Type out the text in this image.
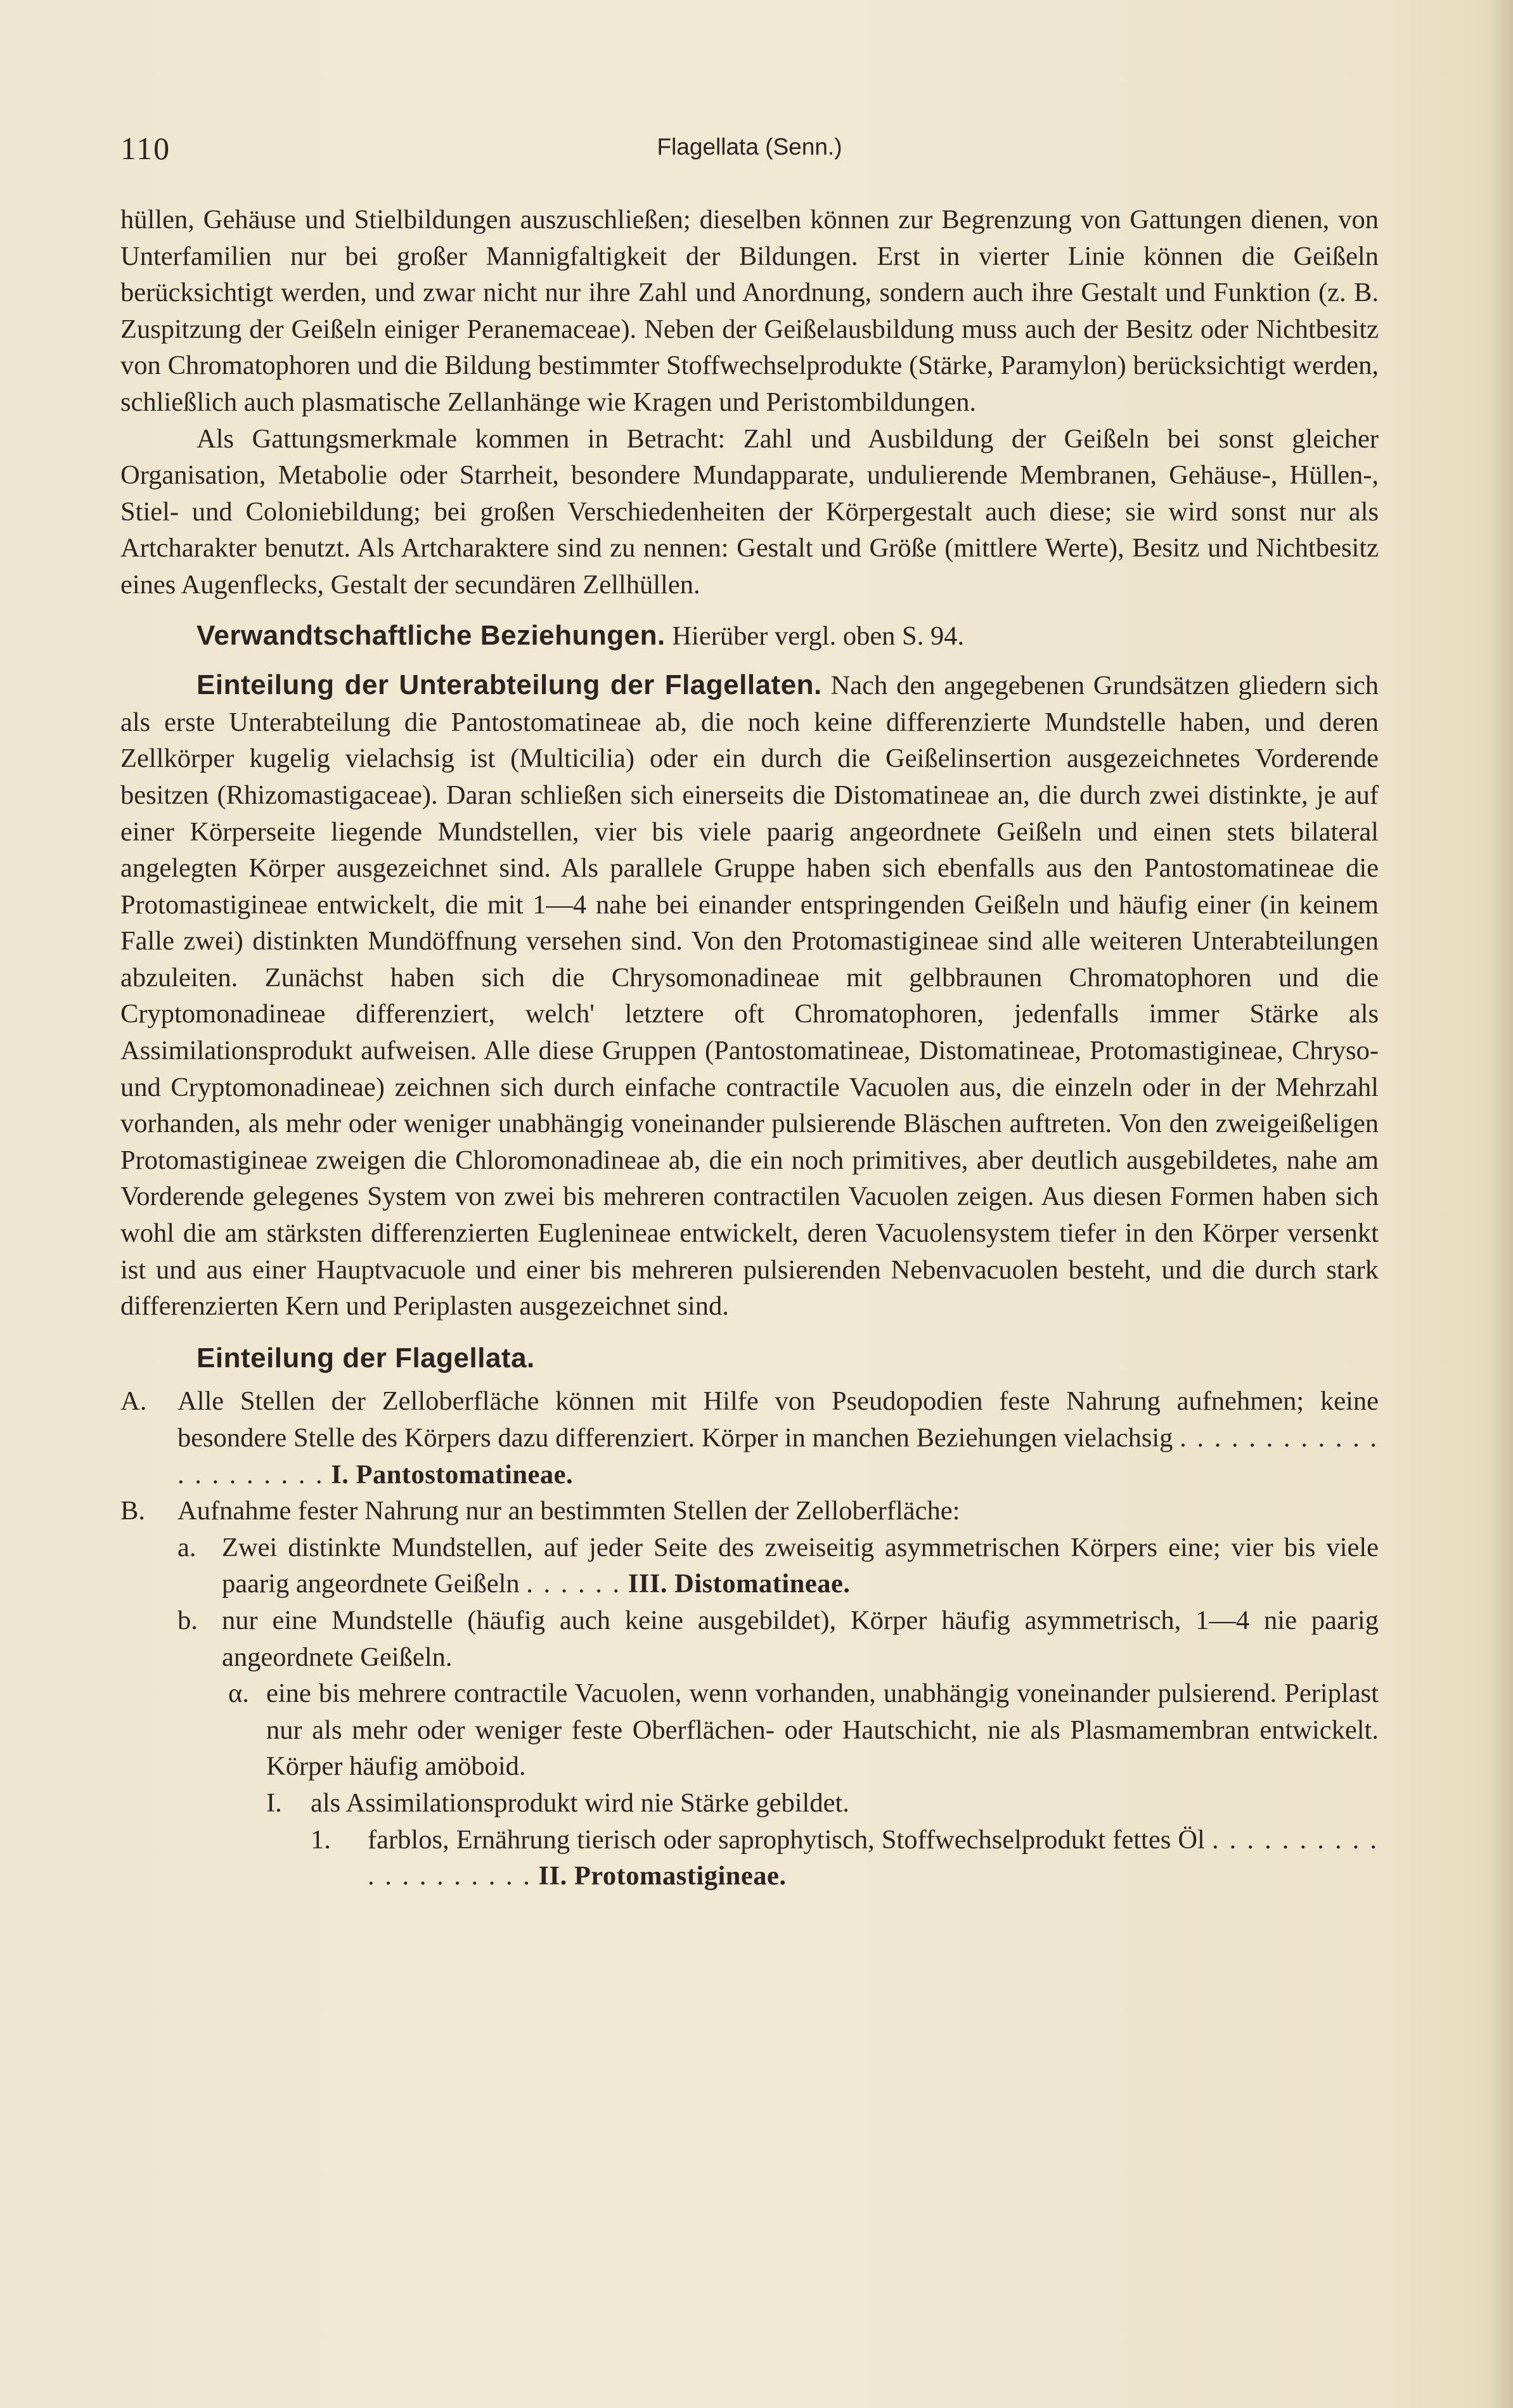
110	Flagellata (Senn.)

hüllen, Gehäuse und Stielbildungen auszuschließen; dieselben können zur Begrenzung von Gattungen dienen, von Unterfamilien nur bei großer Mannigfaltigkeit der Bildungen. Erst in vierter Linie können die Geißeln berücksichtigt werden, und zwar nicht nur ihre Zahl und Anordnung, sondern auch ihre Gestalt und Funktion (z. B. Zuspitzung der Geißeln einiger Peranemaceae). Neben der Geißelausbildung muss auch der Besitz oder Nichtbesitz von Chromatophoren und die Bildung bestimmter Stoffwechselprodukte (Stärke, Paramylon) berücksichtigt werden, schließlich auch plasmatische Zellanhänge wie Kragen und Peristombildungen.

Als Gattungsmerkmale kommen in Betracht: Zahl und Ausbildung der Geißeln bei sonst gleicher Organisation, Metabolie oder Starrheit, besondere Mundapparate, undulierende Membranen, Gehäuse-, Hüllen-, Stiel- und Coloniebildung; bei großen Verschiedenheiten der Körpergestalt auch diese; sie wird sonst nur als Artcharakter benutzt. Als Artcharaktere sind zu nennen: Gestalt und Größe (mittlere Werte), Besitz und Nichtbesitz eines Augenflecks, Gestalt der secundären Zellhüllen.

Verwandtschaftliche Beziehungen. Hierüber vergl. oben S. 94.

Einteilung der Unterabteilung der Flagellaten. Nach den angegebenen Grundsätzen gliedern sich als erste Unterabteilung die Pantostomatineae ab, die noch keine differenzierte Mundstelle haben, und deren Zellkörper kugelig vielachsig ist (Multicilia) oder ein durch die Geißelinsertion ausgezeichnetes Vorderende besitzen (Rhizomastigaceae). Daran schließen sich einerseits die Distomatineae an, die durch zwei distinkte, je auf einer Körperseite liegende Mundstellen, vier bis viele paarig angeordnete Geißeln und einen stets bilateral angelegten Körper ausgezeichnet sind. Als parallele Gruppe haben sich ebenfalls aus den Pantostomatineae die Protomastigineae entwickelt, die mit 1—4 nahe bei einander entspringenden Geißeln und häufig einer (in keinem Falle zwei) distinkten Mundöffnung versehen sind. Von den Protomastigineae sind alle weiteren Unterabteilungen abzuleiten. Zunächst haben sich die Chrysomonadineae mit gelbbraunen Chromatophoren und die Cryptomonadineae differenziert, welch' letztere oft Chromatophoren, jedenfalls immer Stärke als Assimilationsprodukt aufweisen. Alle diese Gruppen (Pantostomatineae, Distomatineae, Protomastigineae, Chryso- und Cryptomonadineae) zeichnen sich durch einfache contractile Vacuolen aus, die einzeln oder in der Mehrzahl vorhanden, als mehr oder weniger unabhängig voneinander pulsierende Bläschen auftreten. Von den zweigeißeligen Protomastigineae zweigen die Chloromonadineae ab, die ein noch primitives, aber deutlich ausgebildetes, nahe am Vorderende gelegenes System von zwei bis mehreren contractilen Vacuolen zeigen. Aus diesen Formen haben sich wohl die am stärksten differenzierten Euglenineae entwickelt, deren Vacuolensystem tiefer in den Körper versenkt ist und aus einer Hauptvacuole und einer bis mehreren pulsierenden Nebenvacuolen besteht, und die durch stark differenzierten Kern und Periplasten ausgezeichnet sind.

Einteilung der Flagellata.

A. Alle Stellen der Zelloberfläche können mit Hilfe von Pseudopodien feste Nahrung aufnehmen; keine besondere Stelle des Körpers dazu differenziert. Körper in manchen Beziehungen vielachsig . . . . . . . . . . . . . . . . . . . . . I. Pantostomatineae.
B. Aufnahme fester Nahrung nur an bestimmten Stellen der Zelloberfläche:
a. Zwei distinkte Mundstellen, auf jeder Seite des zweiseitig asymmetrischen Körpers eine; vier bis viele paarig angeordnete Geißeln . . . . . . III. Distomatineae.
b. nur eine Mundstelle (häufig auch keine ausgebildet), Körper häufig asymmetrisch, 1—4 nie paarig angeordnete Geißeln.
α. eine bis mehrere contractile Vacuolen, wenn vorhanden, unabhängig voneinander pulsierend. Periplast nur als mehr oder weniger feste Oberflächen- oder Hautschicht, nie als Plasmamembran entwickelt. Körper häufig amöboid.
I. als Assimilationsprodukt wird nie Stärke gebildet.
1. farblos, Ernährung tierisch oder saprophytisch, Stoffwechselprodukt fettes Öl . . . . . . . . . . . . . . . . . . . . II. Protomastigineae.
